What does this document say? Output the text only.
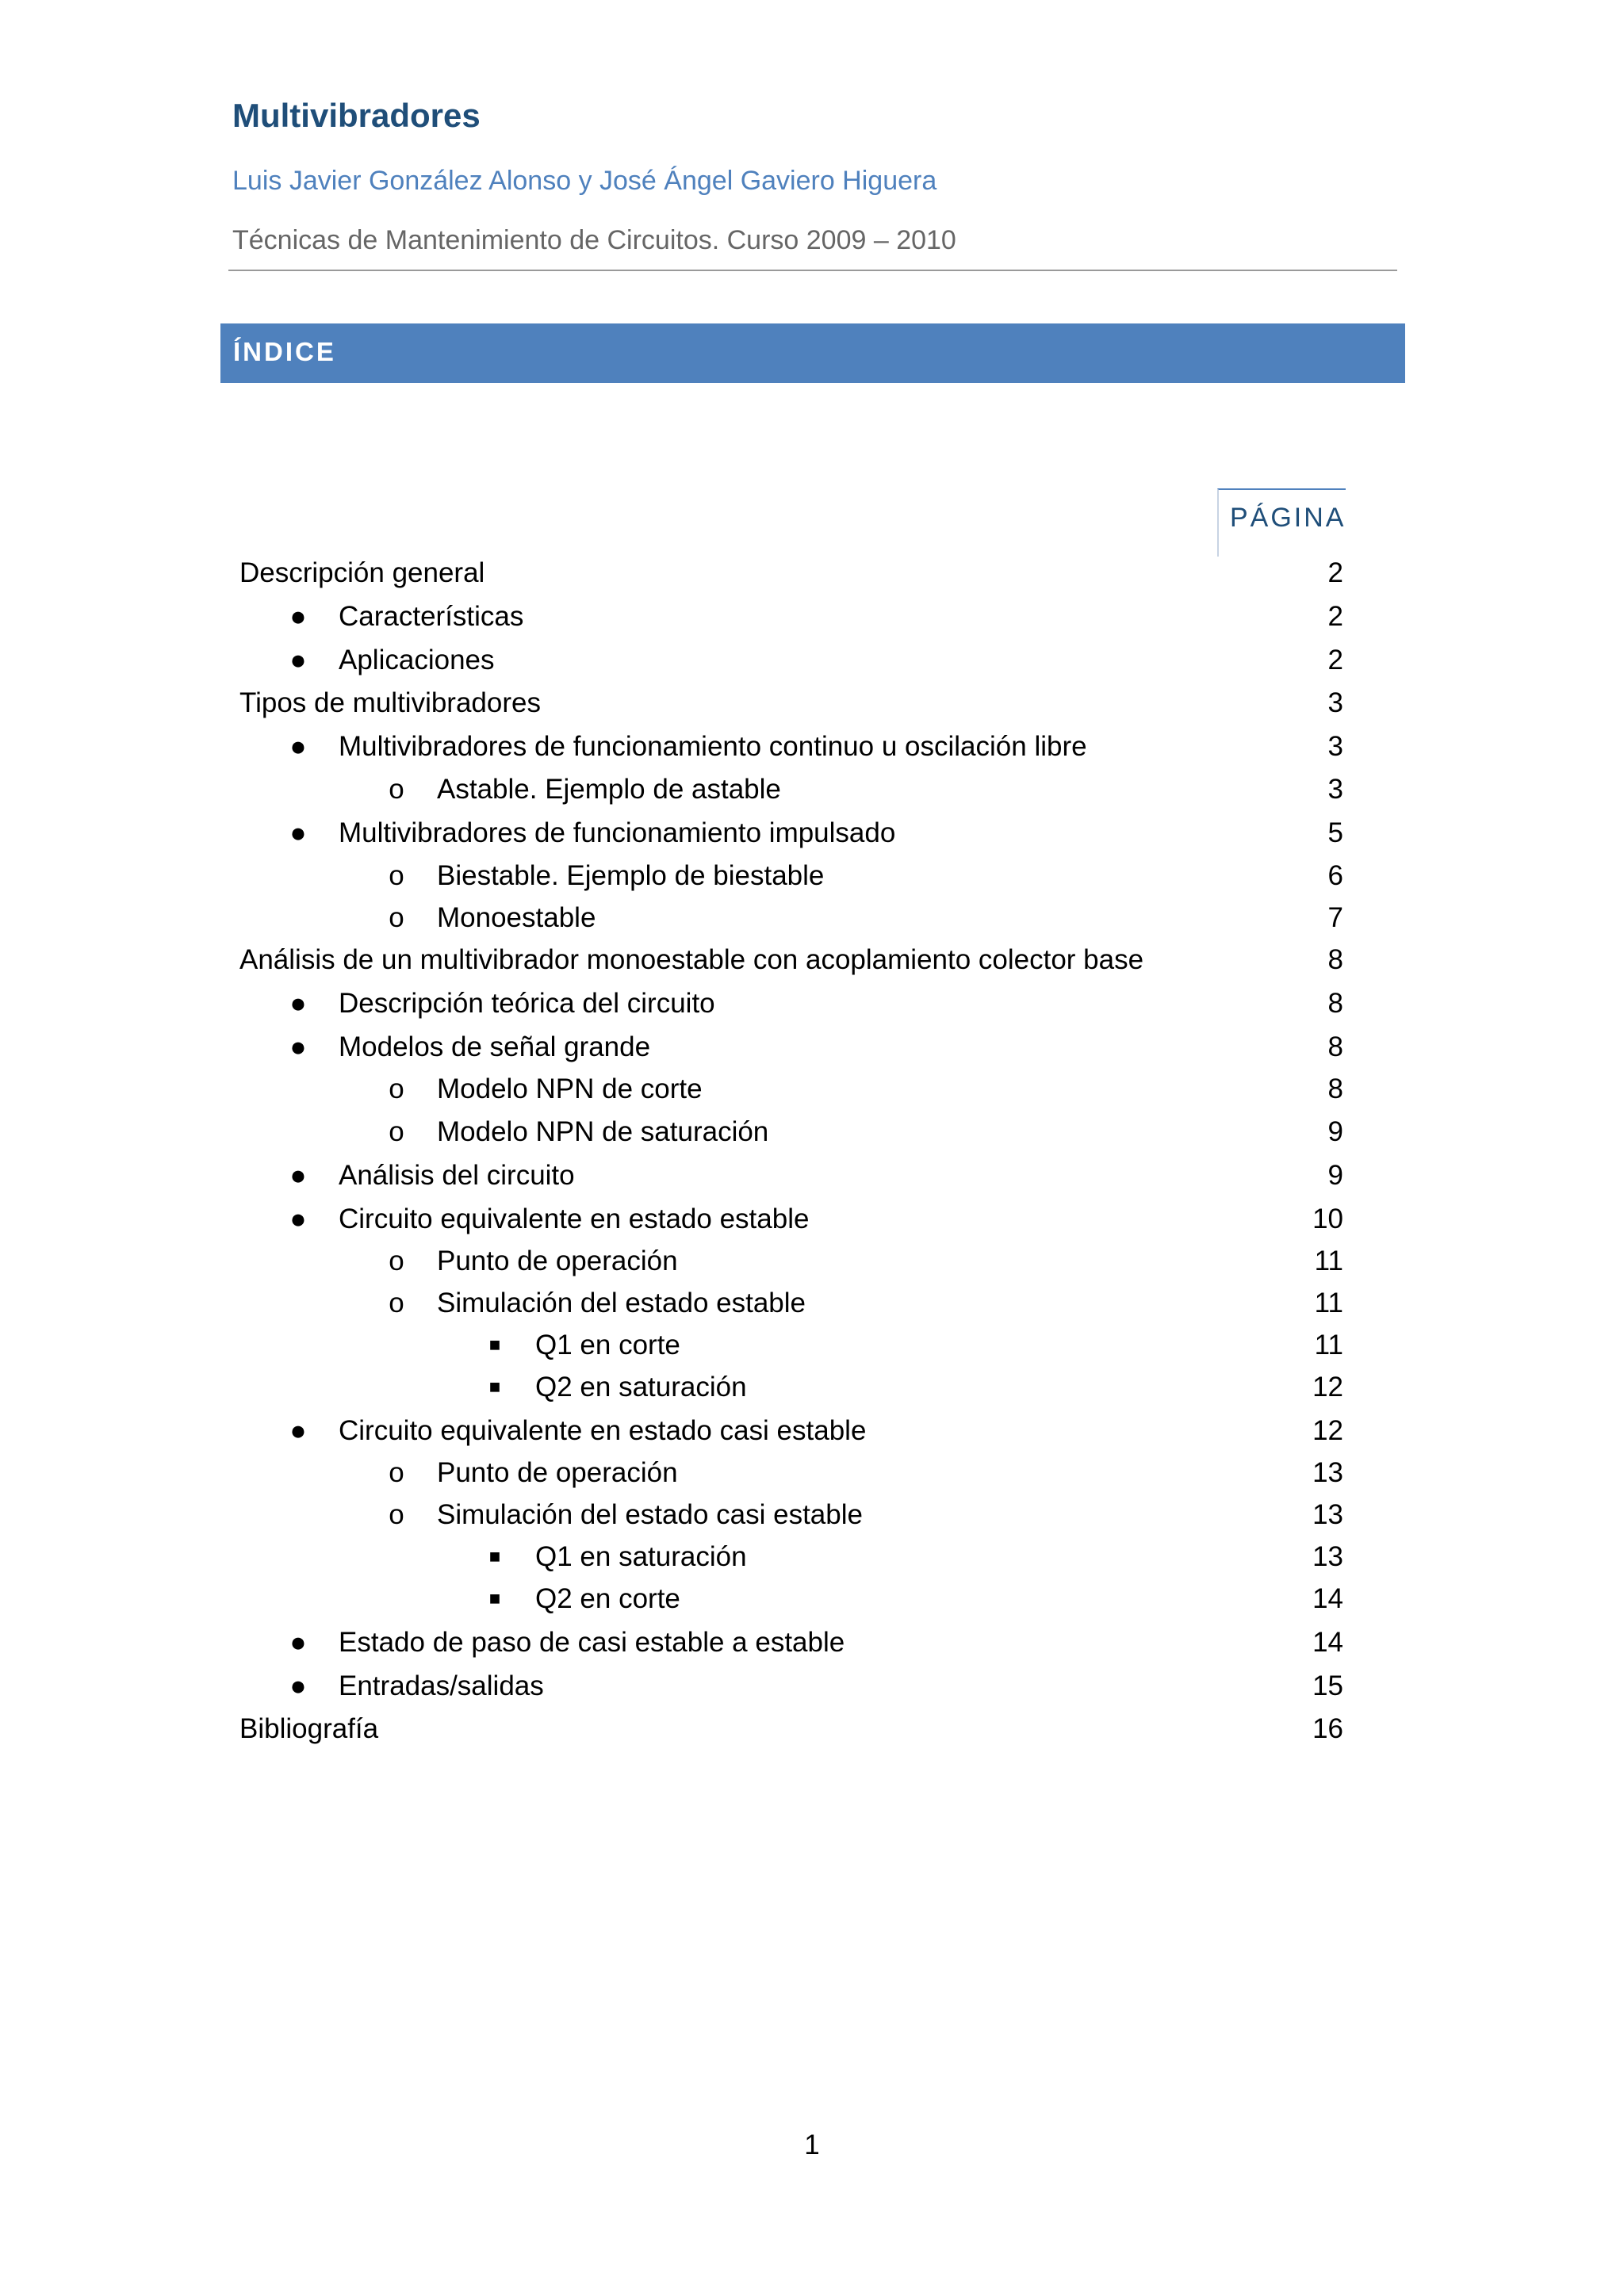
Multivibradores
Luis Javier González Alonso y José Ángel Gaviero Higuera
Técnicas de Mantenimiento de Circuitos. Curso 2009 – 2010
ÍNDICE
PÁGINA
Descripción general	2
● Características	2
● Aplicaciones	2
Tipos de multivibradores	3
● Multivibradores de funcionamiento continuo u oscilación libre	3
o Astable. Ejemplo de astable	3
● Multivibradores de funcionamiento impulsado	5
o Biestable. Ejemplo de biestable	6
o Monoestable	7
Análisis de un multivibrador monoestable con acoplamiento colector base	8
● Descripción teórica del circuito	8
● Modelos de señal grande	8
o Modelo NPN de corte	8
o Modelo NPN de saturación	9
● Análisis del circuito	9
● Circuito equivalente en estado estable	10
o Punto de operación	11
o Simulación del estado estable	11
■ Q1 en corte	11
■ Q2 en saturación	12
● Circuito equivalente en estado casi estable	12
o Punto de operación	13
o Simulación del estado casi estable	13
■ Q1 en saturación	13
■ Q2 en corte	14
● Estado de paso de casi estable a estable	14
● Entradas/salidas	15
Bibliografía	16
1
